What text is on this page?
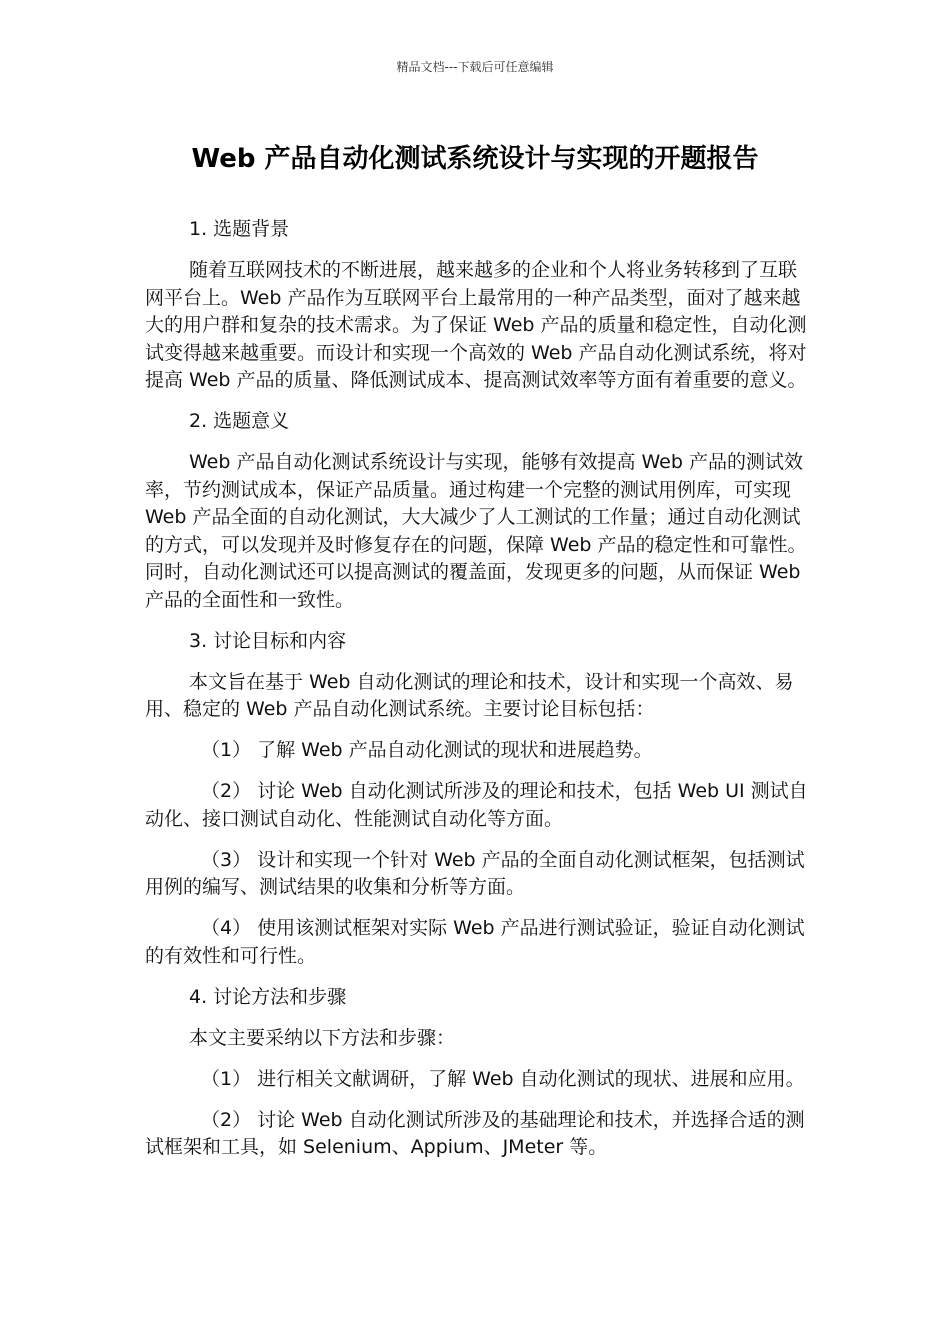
精品文档---下载后可任意编辑
Web 产品自动化测试系统设计与实现的开题报告

1. 选题背景

随着互联网技术的不断进展，越来越多的企业和个人将业务转移到了互联网平台上。Web 产品作为互联网平台上最常用的一种产品类型，面对了越来越大的用户群和复杂的技术需求。为了保证 Web 产品的质量和稳定性，自动化测试变得越来越重要。而设计和实现一个高效的 Web 产品自动化测试系统，将对提高 Web 产品的质量、降低测试成本、提高测试效率等方面有着重要的意义。

2. 选题意义

Web 产品自动化测试系统设计与实现，能够有效提高 Web 产品的测试效率，节约测试成本，保证产品质量。通过构建一个完整的测试用例库，可实现 Web 产品全面的自动化测试，大大减少了人工测试的工作量；通过自动化测试的方式，可以发现并及时修复存在的问题，保障 Web 产品的稳定性和可靠性。同时，自动化测试还可以提高测试的覆盖面，发现更多的问题，从而保证 Web 产品的全面性和一致性。

3. 讨论目标和内容

本文旨在基于 Web 自动化测试的理论和技术，设计和实现一个高效、易用、稳定的 Web 产品自动化测试系统。主要讨论目标包括：

（1） 了解 Web 产品自动化测试的现状和进展趋势。

（2） 讨论 Web 自动化测试所涉及的理论和技术，包括 Web UI 测试自动化、接口测试自动化、性能测试自动化等方面。

（3） 设计和实现一个针对 Web 产品的全面自动化测试框架，包括测试用例的编写、测试结果的收集和分析等方面。

（4） 使用该测试框架对实际 Web 产品进行测试验证，验证自动化测试的有效性和可行性。

4. 讨论方法和步骤

本文主要采纳以下方法和步骤：

（1） 进行相关文献调研，了解 Web 自动化测试的现状、进展和应用。

（2） 讨论 Web 自动化测试所涉及的基础理论和技术，并选择合适的测试框架和工具，如 Selenium、Appium、JMeter 等。
